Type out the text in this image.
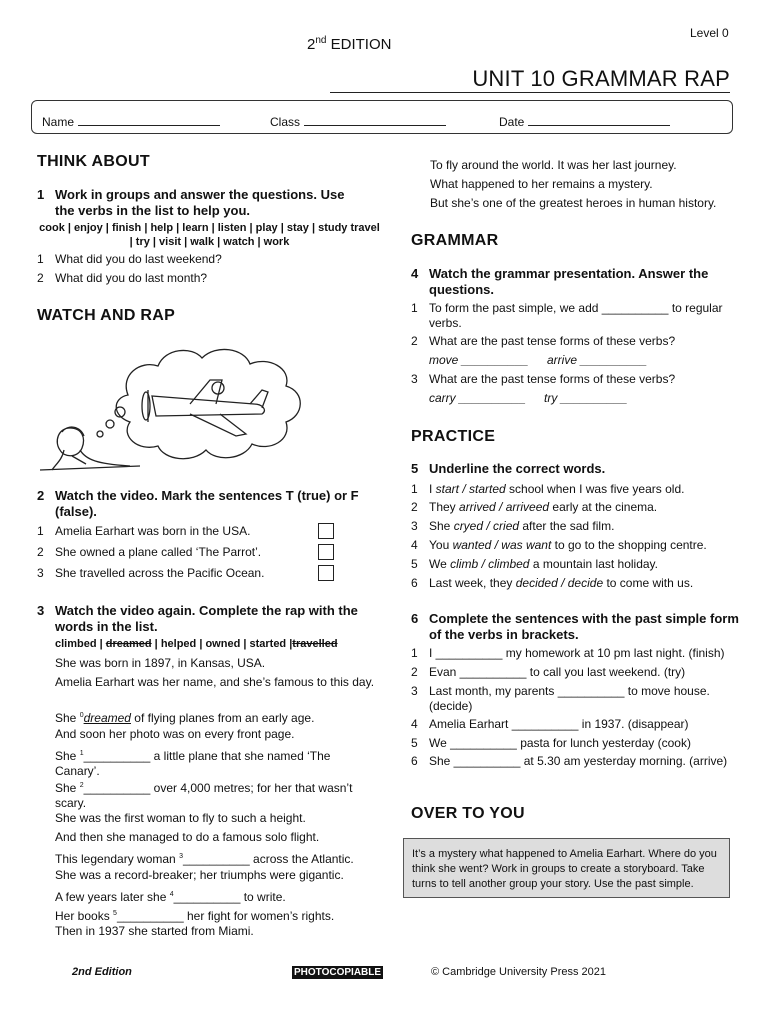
2nd EDITION
Level 0
UNIT 10 GRAMMAR RAP
Name	Class	Date
THINK ABOUT
1 Work in groups and answer the questions. Use the verbs in the list to help you.
cook | enjoy | finish | help | learn | listen | play | stay | study travel | try | visit | walk | watch | work
1 What did you do last weekend?
2 What did you do last month?
WATCH AND RAP
2 Watch the video. Mark the sentences T (true) or F (false).
1 Amelia Earhart was born in the USA.
2 She owned a plane called ‘The Parrot’.
3 She travelled across the Pacific Ocean.
3 Watch the video again. Complete the rap with the words in the list.
climbed | dreamed | helped | owned | started |travelled
She was born in 1897, in Kansas, USA.
Amelia Earhart was her name, and she’s famous to this day.
She $^0$dreamed of flying planes from an early age.
And soon her photo was on every front page.
She $^1$__________ a little plane that she named ‘The Canary’.
She $^2$__________ over 4,000 metres; for her that wasn’t scary.
She was the first woman to fly to such a height.
And then she managed to do a famous solo flight.
This legendary woman $^3$__________ across the Atlantic.
She was a record-breaker; her triumphs were gigantic.
A few years later she $^4$__________ to write.
Her books $^5$__________ her fight for women’s rights.
Then in 1937 she started from Miami.
To fly around the world. It was her last journey.
What happened to her remains a mystery.
But she’s one of the greatest heroes in human history.
GRAMMAR
4 Watch the grammar presentation. Answer the questions.
1 To form the past simple, we add __________ to regular verbs.
2 What are the past tense forms of these verbs?
move __________ arrive __________
3 What are the past tense forms of these verbs?
carry __________ try __________
PRACTICE
5 Underline the correct words.
1 I start / started school when I was five years old.
2 They arrived / arriveed early at the cinema.
3 She cryed / cried after the sad film.
4 You wanted / was want to go to the shopping centre.
5 We climb / climbed a mountain last holiday.
6 Last week, they decided / decide to come with us.
6 Complete the sentences with the past simple form of the verbs in brackets.
1 I __________ my homework at 10 pm last night. (finish)
2 Evan __________ to call you last weekend. (try)
3 Last month, my parents __________ to move house. (decide)
4 Amelia Earhart __________ in 1937. (disappear)
5 We __________ pasta for lunch yesterday (cook)
6 She __________ at 5.30 am yesterday morning. (arrive)
OVER TO YOU
It’s a mystery what happened to Amelia Earhart. Where do you think she went? Work in groups to create a storyboard. Take turns to tell another group your story. Use the past simple.
2nd Edition	PHOTOCOPIABLE	© Cambridge University Press 2021
